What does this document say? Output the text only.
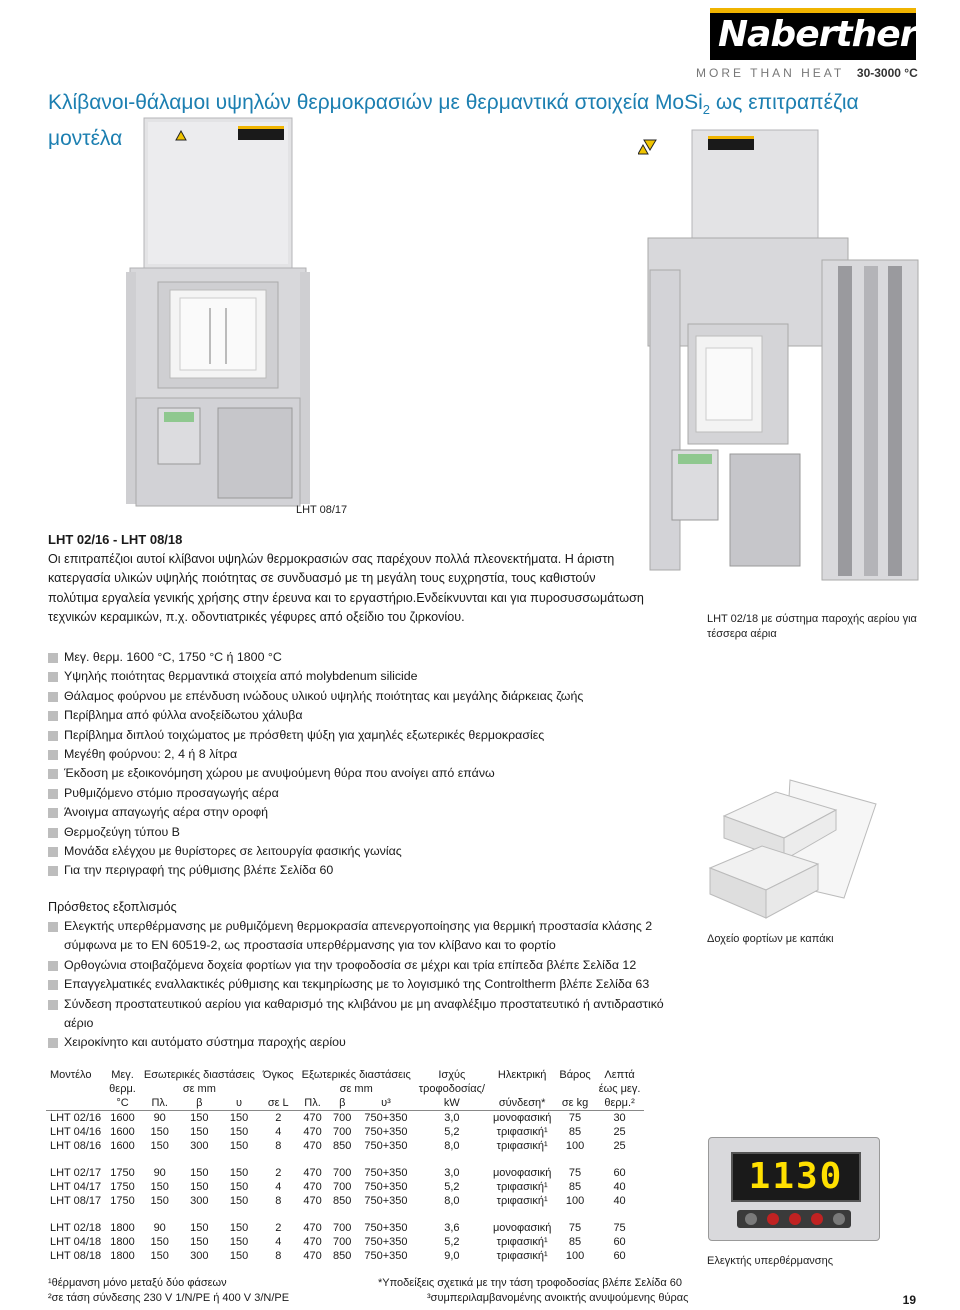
Nabertherm
MORE THAN HEAT 30-3000 °C
Κλίβανοι-θάλαμοι υψηλών θερμοκρασιών με θερμαντικά στοιχεία MoSi$_2$ ως επιτραπέζια μοντέλα
LHT 08/17
LHT 02/18 με σύστημα παροχής αερίου για τέσσερα αέρια
Δοχείο φορτίων με καπάκι
1130
Ελεγκτής υπερθέρμανσης
LHT 02/16 - LHT 08/18
Οι επιτραπέζιοι αυτοί κλίβανοι υψηλών θερμοκρασιών σας παρέχουν πολλά πλεονεκτήματα. Η άριστη
κατεργασία υλικών υψηλής ποιότητας σε συνδυασμό με τη μεγάλη τους ευχρηστία, τους καθιστούν
πολύτιμα εργαλεία γενικής χρήσης στην έρευνα και το εργαστήριο.Ενδείκνυνται και για πυροσυσσωμάτωση
τεχνικών κεραμικών, π.χ. οδοντιατρικές γέφυρες από οξείδιο του ζιρκονίου.
Μεγ. θερμ. 1600 °C, 1750 °C ή 1800 °C
Υψηλής ποιότητας θερμαντικά στοιχεία από molybdenum silicide
Θάλαμος φούρνου με επένδυση ινώδους υλικού υψηλής ποιότητας και μεγάλης διάρκειας ζωής
Περίβλημα από φύλλα ανοξείδωτου χάλυβα
Περίβλημα διπλού τοιχώματος με πρόσθετη ψύξη για χαμηλές εξωτερικές θερμοκρασίες
Μεγέθη φούρνου: 2, 4 ή 8 λίτρα
Έκδοση με εξοικονόμηση χώρου με ανυψούμενη θύρα που ανοίγει από επάνω
Ρυθμιζόμενο στόμιο προσαγωγής αέρα
Άνοιγμα απαγωγής αέρα στην οροφή
Θερμοζεύγη τύπου B
Μονάδα ελέγχου με θυρίστορες σε λειτουργία φασικής γωνίας
Για την περιγραφή της ρύθμισης βλέπε Σελίδα 60
Πρόσθετος εξοπλισμός
Ελεγκτής υπερθέρμανσης με ρυθμιζόμενη θερμοκρασία απενεργοποίησης για θερμική προστασία κλάσης 2
σύμφωνα με το EN 60519-2, ως προστασία υπερθέρμανσης για τον κλίβανο και το φορτίο
Ορθογώνια στοιβαζόμενα δοχεία φορτίων για την τροφοδοσία σε μέχρι και τρία επίπεδα βλέπε Σελίδα 12
Επαγγελματικές εναλλακτικές ρύθμισης και τεκμηρίωσης με το λογισμικό της Controltherm βλέπε Σελίδα 63
Σύνδεση προστατευτικού αερίου για καθαρισμό της κλιβάνου με μη αναφλέξιμο προστατευτικό ή αντιδραστικό
αέριο
Χειροκίνητο και αυτόματο σύστημα παροχής αερίου
Μοντέλο	Μεγ.	Εσωτερικές διαστάσεις			Όγκος	Εξωτερικές διαστάσεις			Ισχύς	Ηλεκτρική	Βάρος	Λεπτά
	θερμ.	σε mm				σε mm			τροφοδοσίας/			έως μεγ.
	°C	Πλ.	β	υ	σε L	Πλ.	β	υ³	kW	σύνδεση*	σε kg	θερμ.²
LHT 02/16	1600	90	150	150	2	470	700	750+350	3,0	μονοφασική	75	30
LHT 04/16	1600	150	150	150	4	470	700	750+350	5,2	τριφασική¹	85	25
LHT 08/16	1600	150	300	150	8	470	850	750+350	8,0	τριφασική¹	100	25

LHT 02/17	1750	90	150	150	2	470	700	750+350	3,0	μονοφασική	75	60
LHT 04/17	1750	150	150	150	4	470	700	750+350	5,2	τριφασική¹	85	40
LHT 08/17	1750	150	300	150	8	470	850	750+350	8,0	τριφασική¹	100	40

LHT 02/18	1800	90	150	150	2	470	700	750+350	3,6	μονοφασική	75	75
LHT 04/18	1800	150	150	150	4	470	700	750+350	5,2	τριφασική¹	85	60
LHT 08/18	1800	150	300	150	8	470	850	750+350	9,0	τριφασική¹	100	60
¹θέρμανση μόνο μεταξύ δύο φάσεων
²σε τάση σύνδεσης 230 V 1/N/PE ή 400 V 3/N/PE
*Υποδείξεις σχετικά με την τάση τροφοδοσίας βλέπε Σελίδα 60
³συμπεριλαμβανομένης ανοικτής ανυψούμενης θύρας	19
